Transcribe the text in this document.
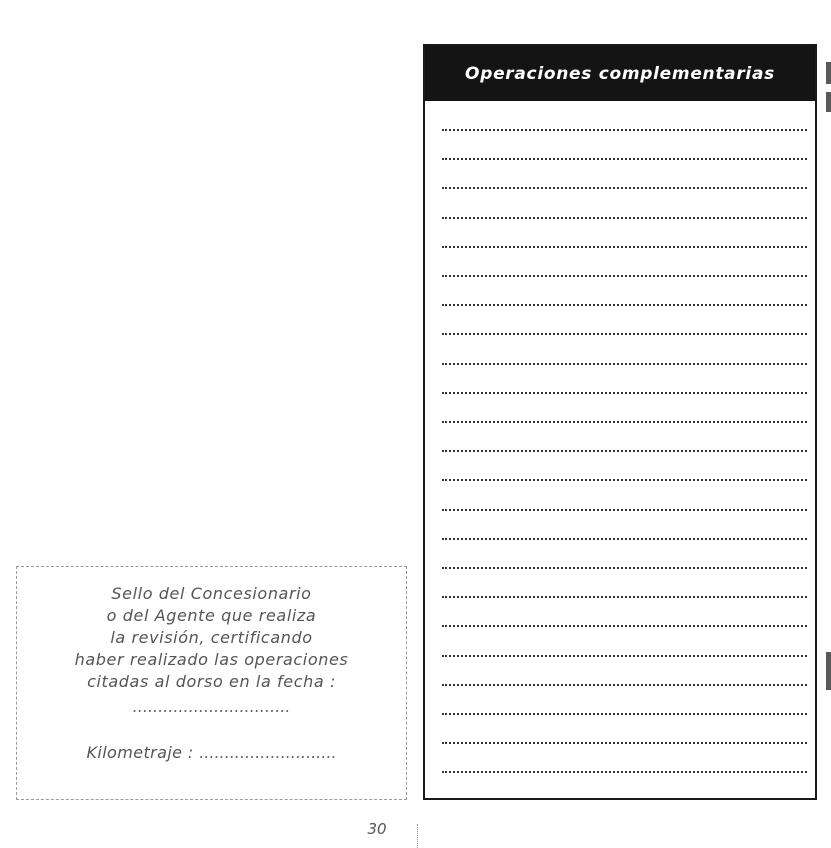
Sello del Concesionario
o del Agente que realiza
la revisión, certificando
haber realizado las operaciones
citadas al dorso en la fecha :
...............................
Kilometraje : ...........................
30
Operaciones complementarias
